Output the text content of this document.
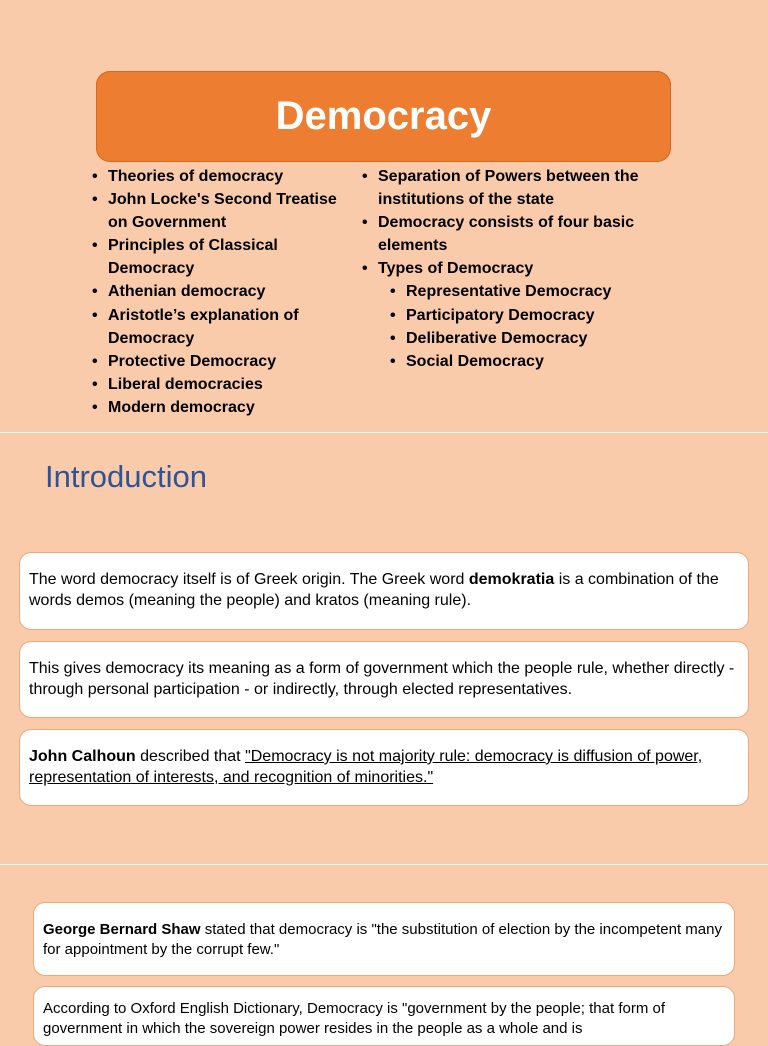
Democracy
• Theories of democracy
• John Locke's Second Treatise on Government
• Principles of Classical Democracy
• Athenian democracy
• Aristotle’s explanation of Democracy
• Protective Democracy
• Liberal democracies
• Modern democracy
• Separation of Powers between the institutions of the state
• Democracy consists of four basic elements
• Types of Democracy
• Representative Democracy
• Participatory Democracy
• Deliberative Democracy
• Social Democracy
Introduction

The word democracy itself is of Greek origin. The Greek word demokratia is a combination of the words demos (meaning the people) and kratos (meaning rule).

This gives democracy its meaning as a form of government which the people rule, whether directly - through personal participation - or indirectly, through elected representatives.

John Calhoun described that "Democracy is not majority rule: democracy is diffusion of power, representation of interests, and recognition of minorities."

George Bernard Shaw stated that democracy is "the substitution of election by the incompetent many for appointment by the corrupt few."

According to Oxford English Dictionary, Democracy is "government by the people; that form of government in which the sovereign power resides in the people as a whole and is
